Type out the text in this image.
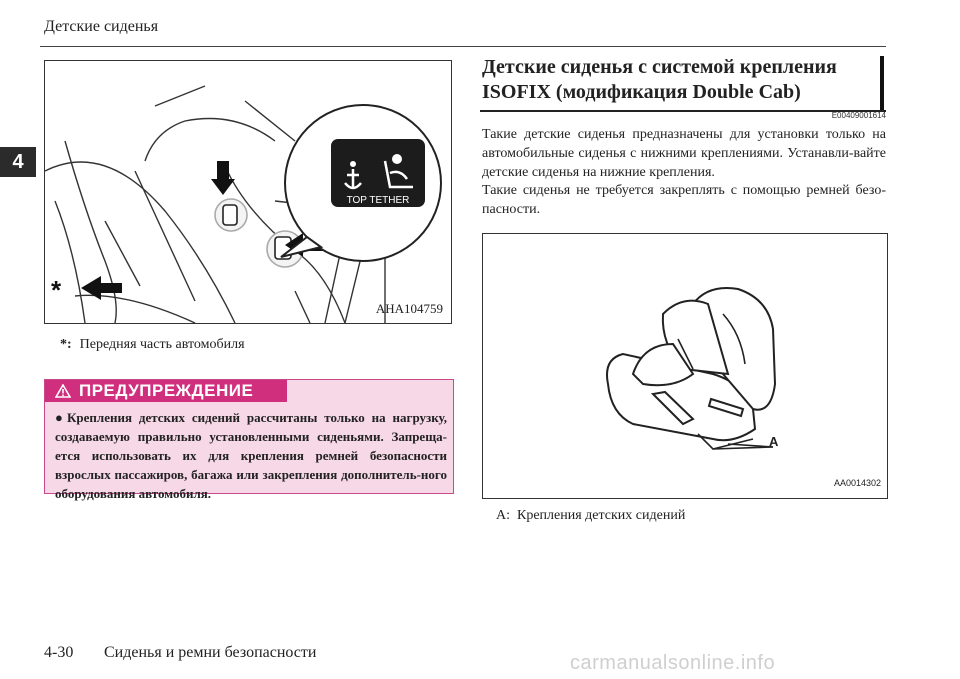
Детские сиденья
4
TOP TETHER
*
AHA104759
*: Передняя часть автомобиля
ПРЕДУПРЕЖДЕНИЕ
● Крепления детских сидений рассчитаны только на нагрузку, создаваемую правильно установленными сиденьями. Запреща-ется использовать их для крепления ремней безопасности взрослых пассажиров, багажа или закрепления дополнитель-ного оборудования автомобиля.
Детские сиденья с системой крепления ISOFIX (модификация Double Cab)
E00409001614
Такие детские сиденья предназначены для установки только на автомобильные сиденья с нижними креплениями. Устанавли-вайте детские сиденья на нижние крепления.
Такие сиденья не требуется закреплять с помощью ремней безо-пасности.
A
AA0014302
A: Крепления детских сидений
4-30 Сиденья и ремни безопасности	carmanualsonline.info
